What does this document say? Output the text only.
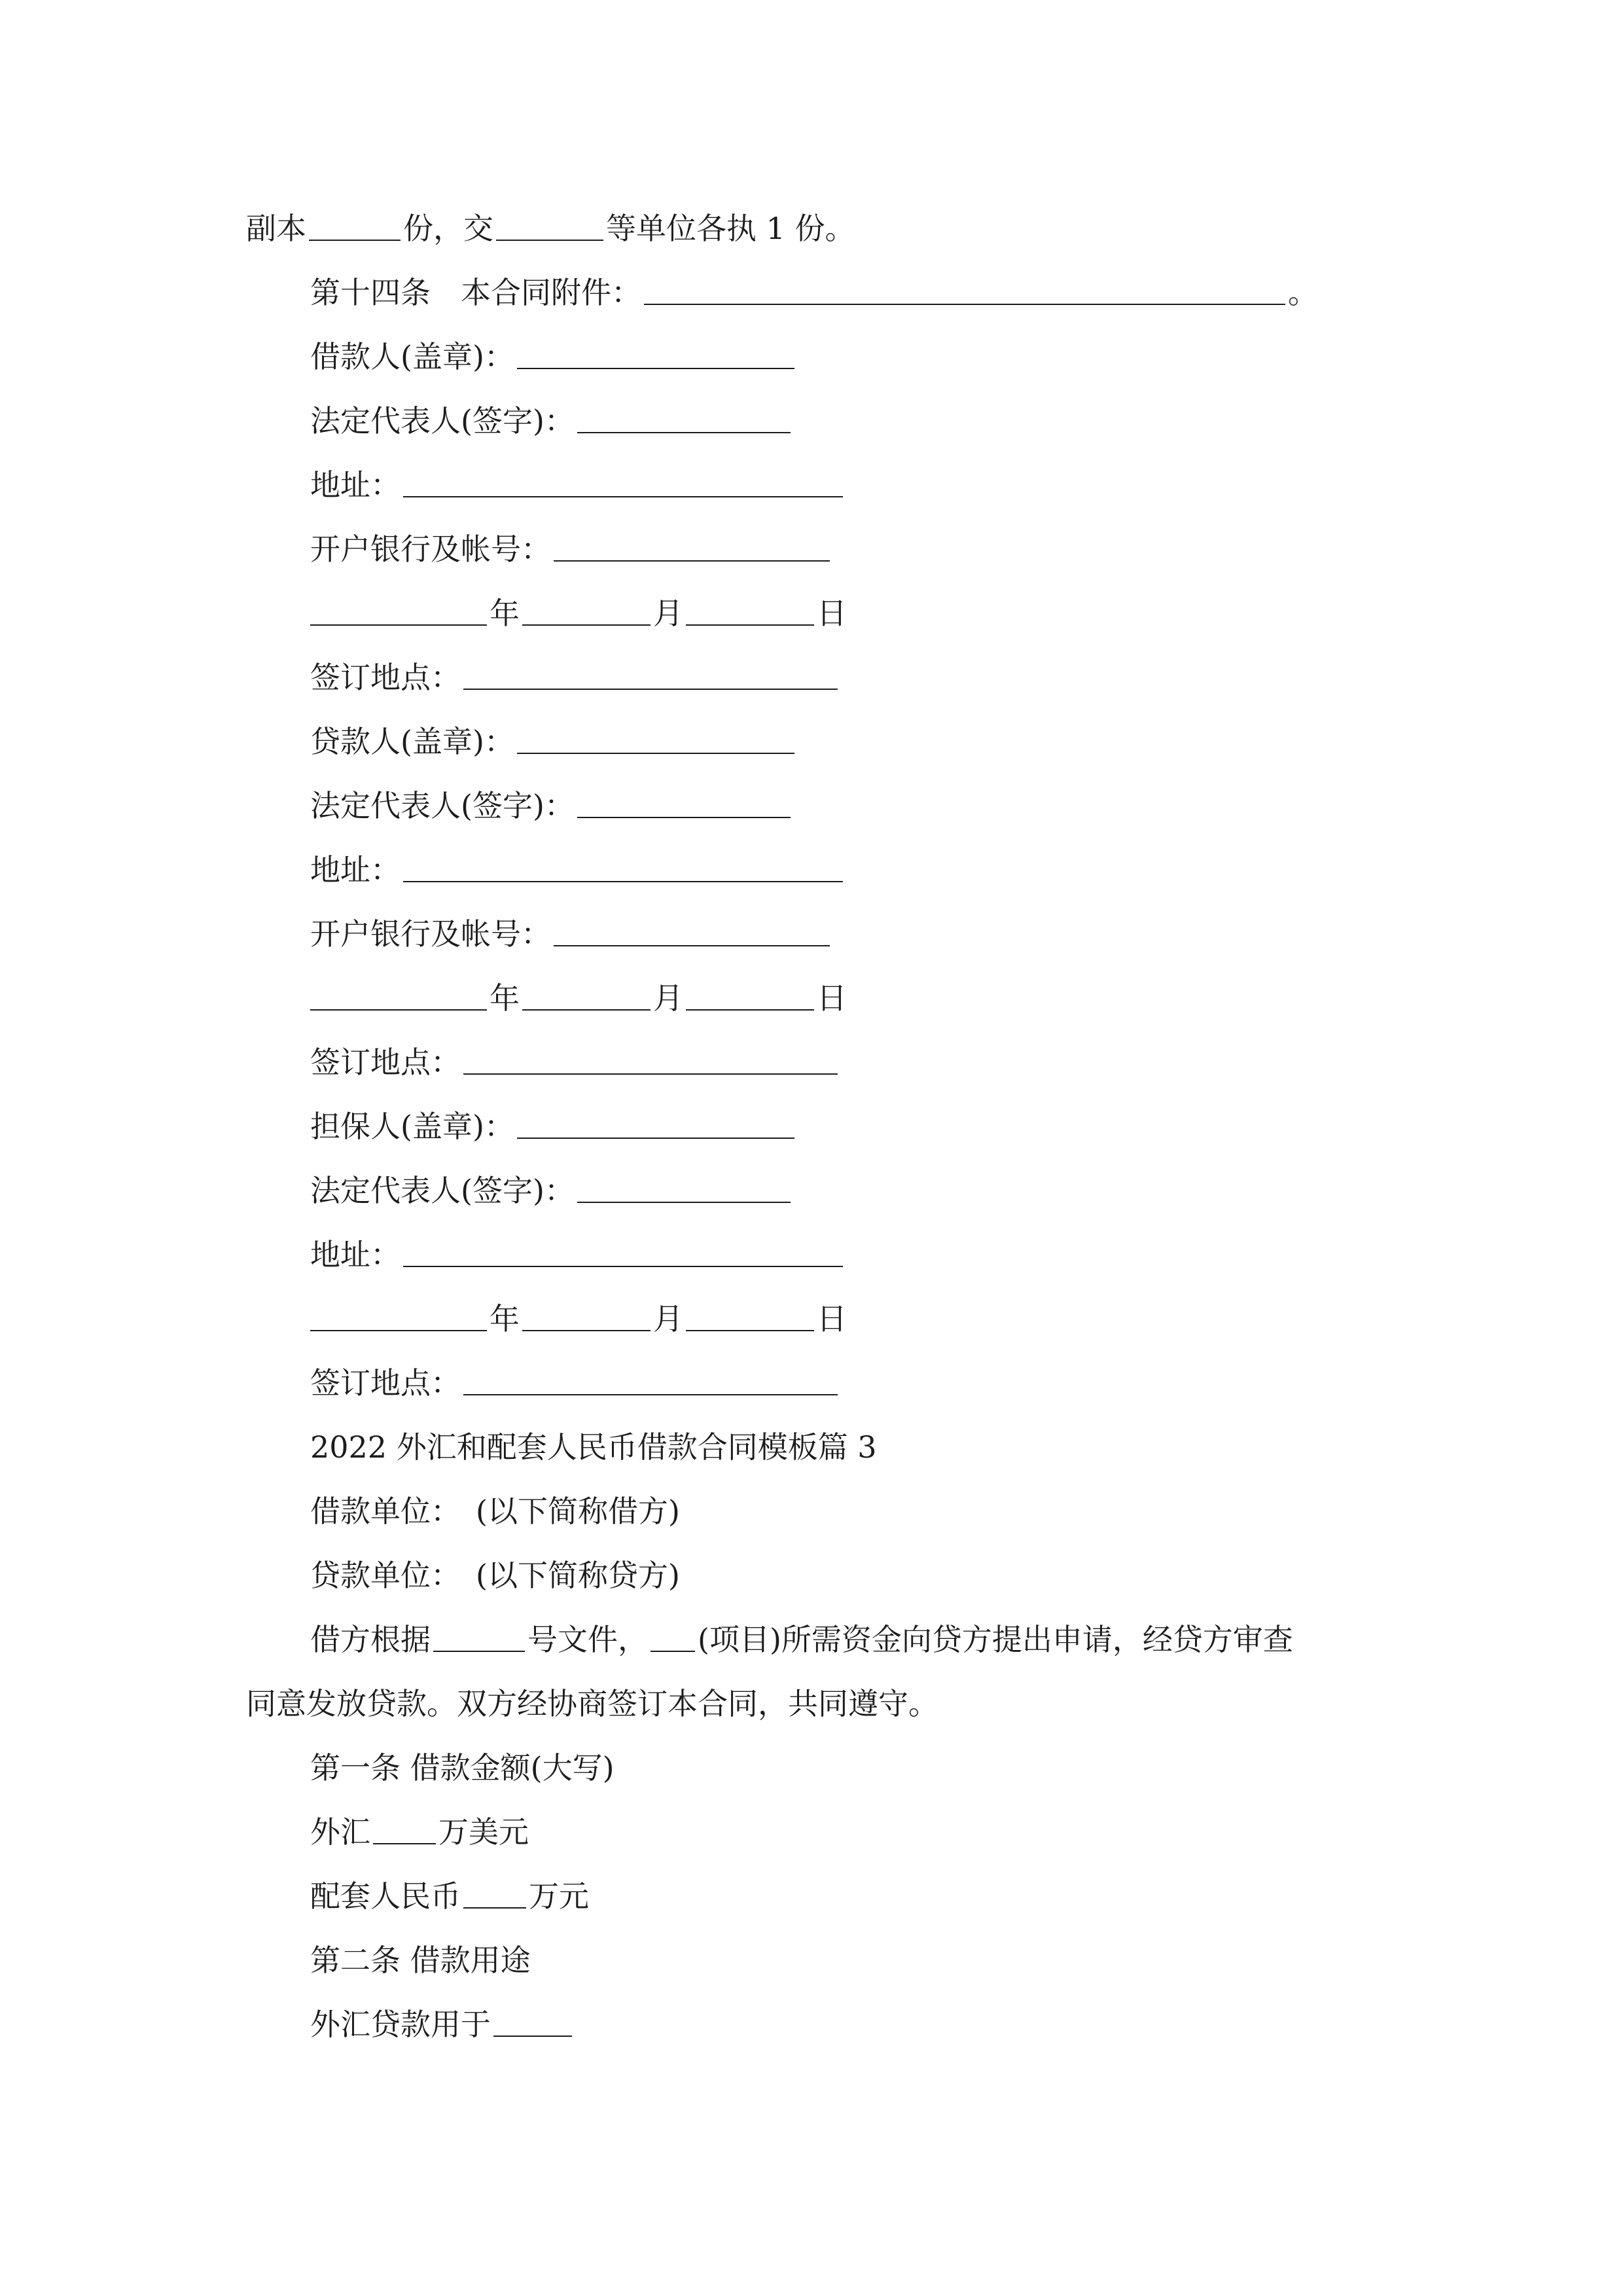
副本	份，交	等单位各执 1 份。
第十四条　本合同附件：	。
借款人(盖章)：
法定代表人(签字)：
地址：
开户银行及帐号：
年	月	日
签订地点：
贷款人(盖章)：
法定代表人(签字)：
地址：
开户银行及帐号：
年	月	日
签订地点：
担保人(盖章)：
法定代表人(签字)：
地址：
年	月	日
签订地点：
2022 外汇和配套人民币借款合同模板篇 3
借款单位：　(以下简称借方)
贷款单位：　(以下简称贷方)
借方根据	号文件， (项目)所需资金向贷方提出申请，经贷方审查
同意发放贷款。双方经协商签订本合同，共同遵守。
第一条 借款金额(大写)
外汇 万美元
配套人民币 万元
第二条 借款用途
外汇贷款用于
